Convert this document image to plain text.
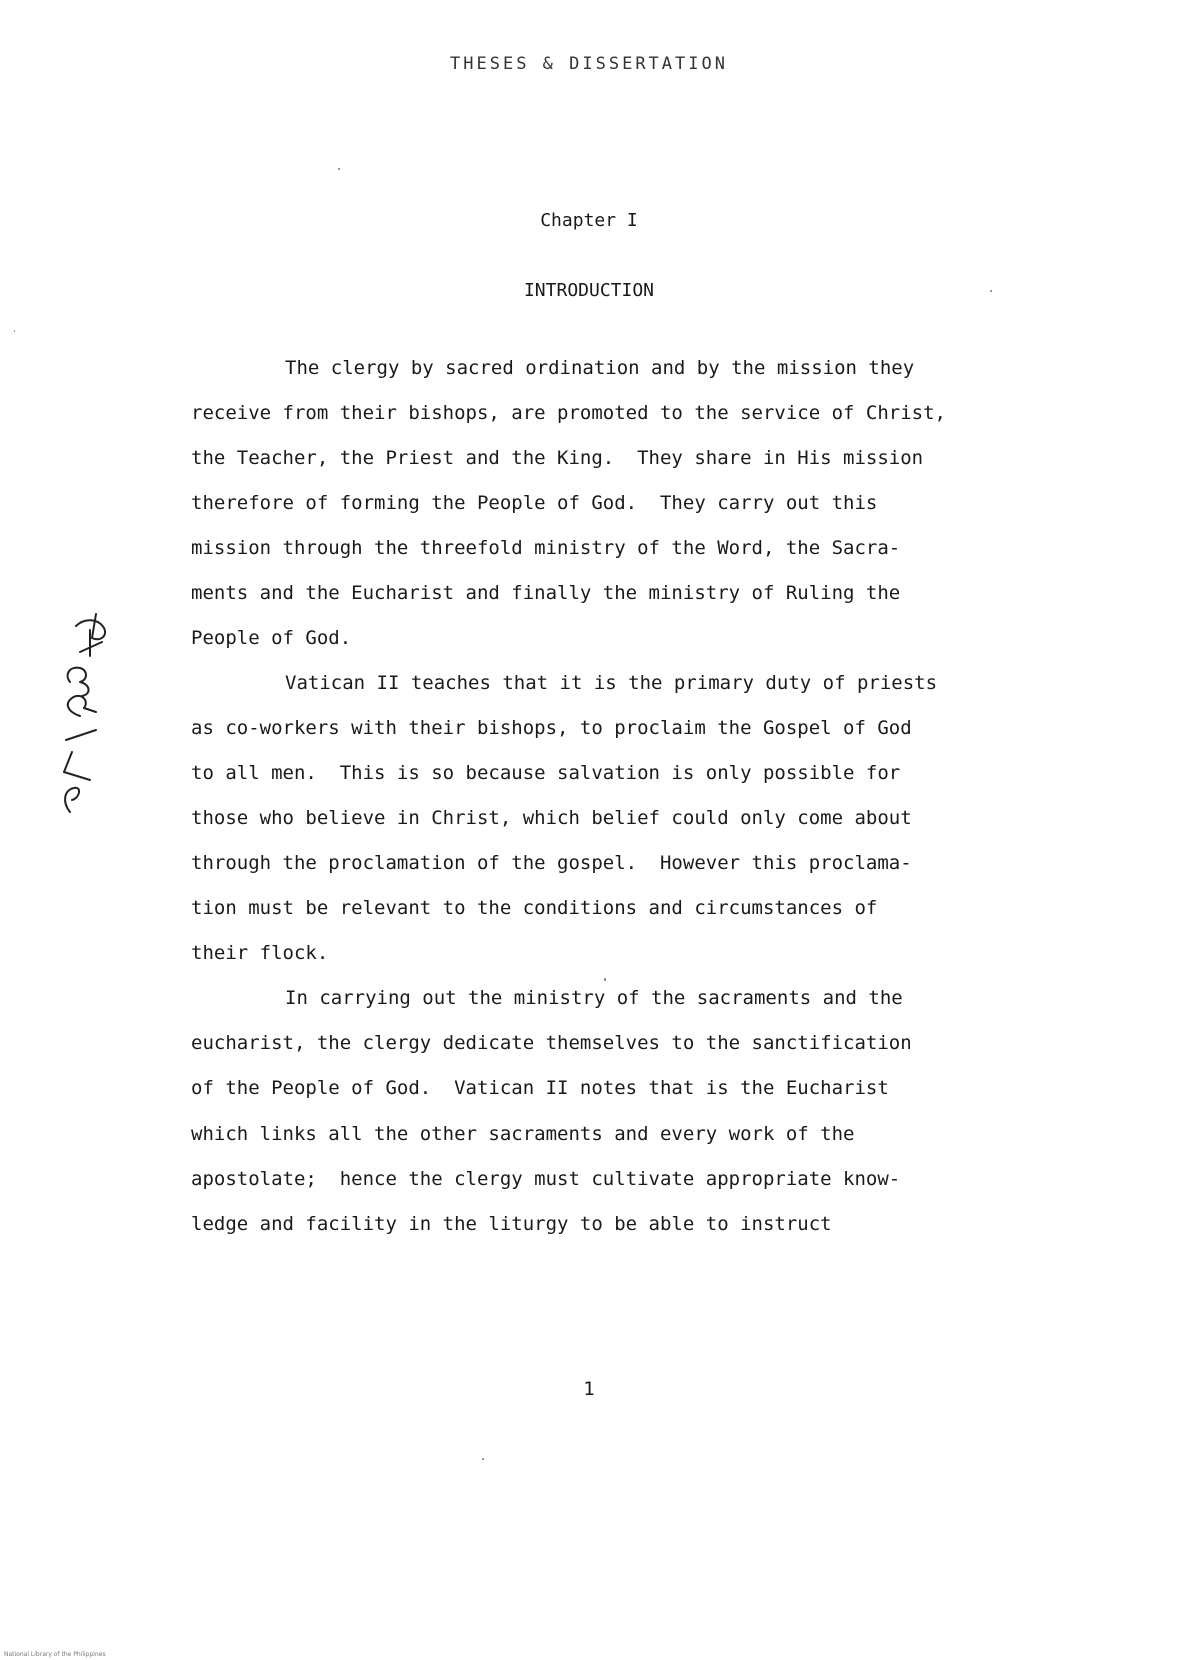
THESES & DISSERTATION
Chapter I
INTRODUCTION
The clergy by sacred ordination and by the mission they
receive from their bishops, are promoted to the service of Christ,
the Teacher, the Priest and the King.  They share in His mission
therefore of forming the People of God.  They carry out this
mission through the threefold ministry of the Word, the Sacra-
ments and the Eucharist and finally the ministry of Ruling the
People of God.
Vatican II teaches that it is the primary duty of priests
as co-workers with their bishops, to proclaim the Gospel of God
to all men.  This is so because salvation is only possible for
those who believe in Christ, which belief could only come about
through the proclamation of the gospel.  However this proclama-
tion must be relevant to the conditions and circumstances of
their flock.
In carrying out the ministry of the sacraments and the
eucharist, the clergy dedicate themselves to the sanctification
of the People of God.  Vatican II notes that is the Eucharist
which links all the other sacraments and every work of the
apostolate;  hence the clergy must cultivate appropriate know-
ledge and facility in the liturgy to be able to instruct
1
National Library of the Philippines
